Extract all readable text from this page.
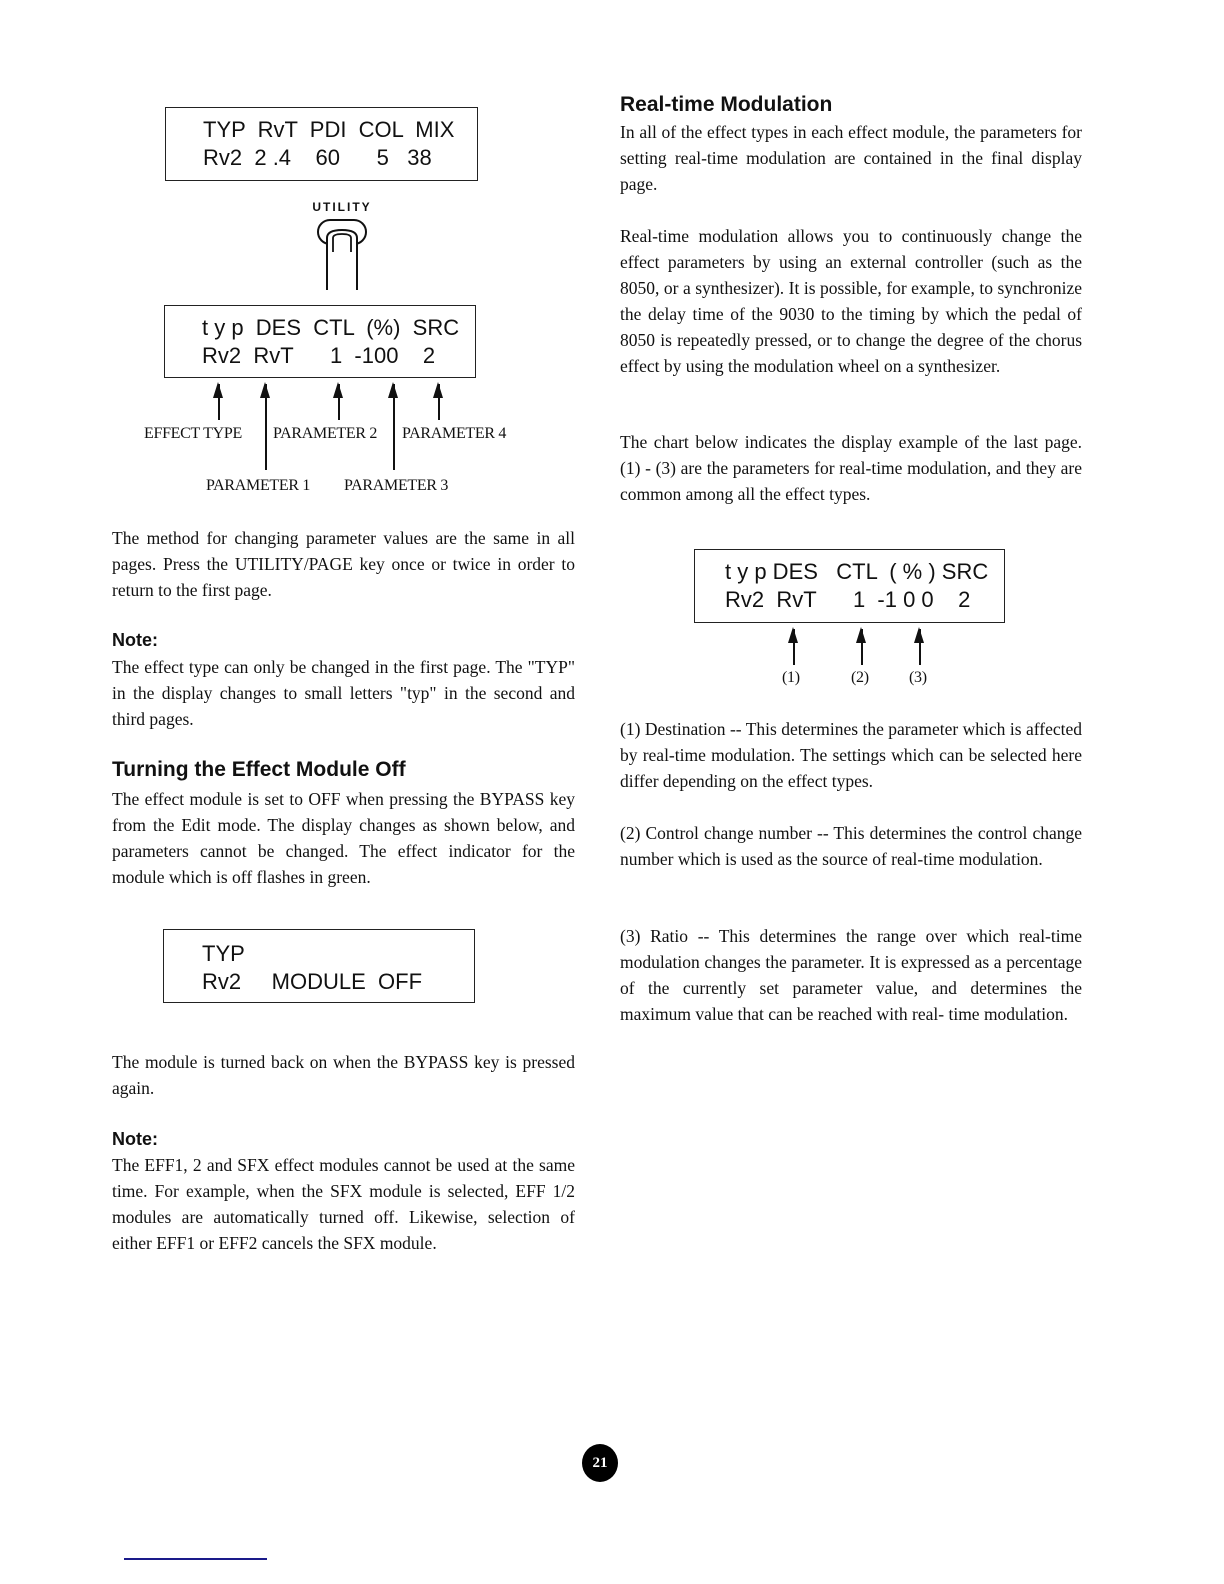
TYP  RvT  PDI  COL  MIX
Rv2  2 .4    60      5   38
UTILITY
t y p  DES  CTL  (%)  SRC
Rv2  RvT      1  -100    2
EFFECT TYPE PARAMETER 2 PARAMETER 4
PARAMETER 1 PARAMETER 3

The method for changing parameter values are the same in all pages. Press the UTILITY/PAGE key once or twice in order to return to the first page.

Note:

The effect type can only be changed in the first page. The "TYP" in the display changes to small letters "typ" in the second and third pages.

Turning the Effect Module Off

The effect module is set to OFF when pressing the BYPASS key from the Edit mode. The display changes as shown below, and parameters cannot be changed. The effect indicator for the module which is off flashes in green.

TYP
Rv2     MODULE  OFF

The module is turned back on when the BYPASS key is pressed again.

Note:

The EFF1, 2 and SFX effect modules cannot be used at the same time. For example, when the SFX module is selected, EFF 1/2 modules are automatically turned off. Likewise, selection of either EFF1 or EFF2 cancels the SFX module.

Real-time Modulation

In all of the effect types in each effect module, the parameters for setting real-time modulation are contained in the final display page.

Real-time modulation allows you to continuously change the effect parameters by using an external controller (such as the 8050, or a synthesizer). It is possible, for example, to synchronize the delay time of the 9030 to the timing by which the pedal of 8050 is repeatedly pressed, or to change the degree of the chorus effect by using the modulation wheel on a synthesizer.

The chart below indicates the display example of the last page. (1) - (3) are the parameters for real-time modulation, and they are common among all the effect types.

t y p DES   CTL  ( % ) SRC
Rv2  RvT      1  -1 0 0    2
(1)	(2)	(3)

(1) Destination -- This determines the parameter which is affected by real-time modulation. The settings which can be selected here differ depending on the effect types.

(2) Control change number -- This determines the control change number which is used as the source of real-time modulation.

(3) Ratio -- This determines the range over which real-time modulation changes the parameter. It is expressed as a percentage of the currently set parameter value, and determines the maximum value that can be reached with real- time modulation.

21
